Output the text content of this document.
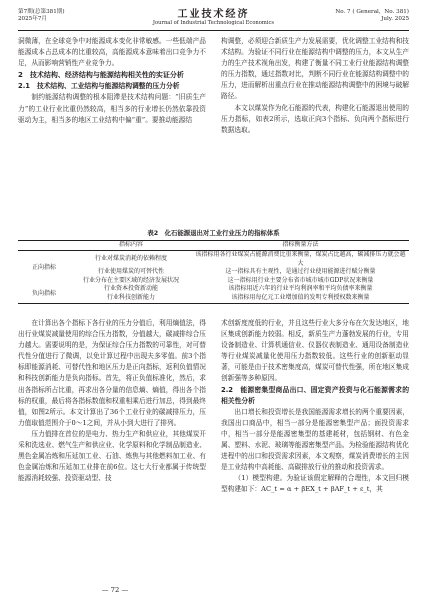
第7期(总第381期)
2025年7月	工业技术经济
Journal of Industrial Technological Economics
No. 7 ( General，No. 381)
July. 2025
洞微薄，在全球竞争中对能源成本变化非常敏感。一些低端产品能源成本占总成本的比重较高，高能源成本意味着出口竞争力不足，从而影响营销性产业竞争力。
2　技术结构、经济结构与能源结构相关性的实证分析
2.1　技术结构、工业结构与能源结构调整的压力分析
制约能源结构调整的根本阻滞是技术结构问题：“旧质生产力”的工业行业比重仍然较高，相当多的行业增长仍然依靠投资驱动为主，相当多的地区工业结构中偏“重”。要推动能源结
构调整，必须迎合新质生产力发展需要，优化调整工业结构和技术结构。为验证不同行业在能源结构中调整的压力，本文从生产力的生产技术视角出发，构建了衡量不同工业行业能源结构调整的压力指数，通过指数对比，判断不同行业在能源结构调整中的压力，进而解析出重点行业在推动能源结构调整中的困境与破解路径。
本文以煤炭作为化石能源的代表，构建化石能源退出使用的压力指标，如表2所示，选取正向3个指标、负向两个指标进行数据选取。
表2　化石能源退出对工业行业压力的指标体系
	指标内容	指标衡量方法
正向指标	行业对煤炭消耗的依赖程度	该指标用各行业煤炭占能源消费比重来衡量，煤炭占比越高，碳减排压力就会越大
	行业使用煤炭的可替代性	这一指标具有主观性，是通过行业使用能源进行赋分衡量
	行业分布在主要区域的经济发展状况	这一指标用行业主要分布省市城市城市GDP状况来衡量
负向指标	行业资本投资新动能	该指标用近六年的行业平均利润率和平均负债率来衡量
	行业科技创新能力	该指标用每亿元工业增加值的发明专利授权数来衡量
在计算出各个指标下各行业的压力分值后，利用熵值法，得出行业煤炭减量使用的综合压力指数，分值越大，碳减排综合压力越大。需要说明的是，为保证综合压力指数的可靠性，对可替代性分值进行了微调，以免计算过程中出现夫多零值。前3个指标即能源消耗、可替代性和地区压力是正向指标，返利负值情况和科技创新能力是负向指标。首先，将正负值标准化，然后，求出各指标所占比重，再求出各分量的信息熵、熵值，得出各个指标的权重，最后将各指标数值和权重相乘后进行加总，得到最终值，如图2所示。本文计算出了36个工业行业的碳减排压力，压力值取值范围介于0～1之间，并从小到大进行了排列。
压力值排在首位的是电力、热力生产和供应业，其他煤炭开采和洗选业、燃气生产和供应业、化学原料和化学制品制造业、黑色金属冶炼和压延加工业、石油、炼焦与其他燃料加工业、有色金属冶炼和压延加工业排在前6位。这七大行业都属于传统型能源消耗较强、投资驱动型、技
术创新度度低的行业，并且这些行业大多分布在欠发达地区，地区集成创新能力较弱。相反，新质生产力蓬勃发展的行业，专用设备制造业、计算机通信业、仪器仪表制造业、通用设备制造业等行业煤炭减量化使用压力指数较低。这些行业的创新驱动显著，可能是由于技术密集度高，煤炭可替代性强，所在地区集成创新强等多种原因。
2.2　能源密集型商品出口、固定资产投资与化石能源需求的相关性分析
出口增长和投资增长是我国能源需求增长的两个重要因素，我国出口商品中，相当一部分是能源密集型产品；面投资需求中，相当一部分是能源密集型的基建耗材，包括钢材、有色金属、塑料、水泥、玻璃等能源密集型产品。为检验能源结构优化进程中的出口和投资需求因素，本文观察，煤炭消费增长的主因是工业结构中高耗能、高碳排放行业的推动和投资需求。
（1）模型构建。为验证该假定解释的合理性，本文回归模型构建如下：AC_t = α + βEX_t + βAF_t + ε_t，其
— 72 —
